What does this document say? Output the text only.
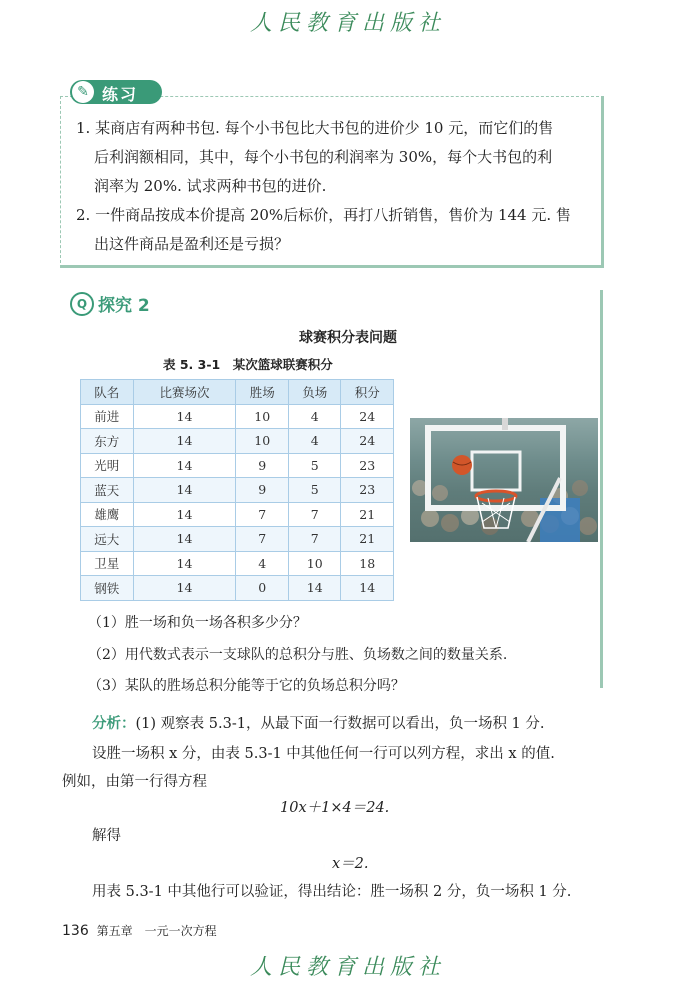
人民教育出版社
✎ 练习
1. 某商店有两种书包. 每个小书包比大书包的进价少 10 元，而它们的售
后利润额相同，其中，每个小书包的利润率为 30%，每个大书包的利
润率为 20%. 试求两种书包的进价.
2. 一件商品按成本价提高 20%后标价，再打八折销售，售价为 144 元. 售
出这件商品是盈利还是亏损？
Q 探究 2
球赛积分表问题
表 5. 3-1　某次篮球联赛积分
队名	比赛场次	胜场	负场	积分
前进	14	10	4	24
东方	14	10	4	24
光明	14	9	5	23
蓝天	14	9	5	23
雄鹰	14	7	7	21
远大	14	7	7	21
卫星	14	4	10	18
钢铁	14	0	14	14
（1）胜一场和负一场各积多少分？
（2）用代数式表示一支球队的总积分与胜、负场数之间的数量关系.
（3）某队的胜场总积分能等于它的负场总积分吗？
分析：(1) 观察表 5.3-1，从最下面一行数据可以看出，负一场积 1 分.
设胜一场积 x 分，由表 5.3-1 中其他任何一行可以列方程，求出 x 的值.
例如，由第一行得方程
10x＋1×4＝24.
解得
x＝2.
用表 5.3-1 中其他行可以验证，得出结论：胜一场积 2 分，负一场积 1 分.
136 第五章　一元一次方程
人民教育出版社
